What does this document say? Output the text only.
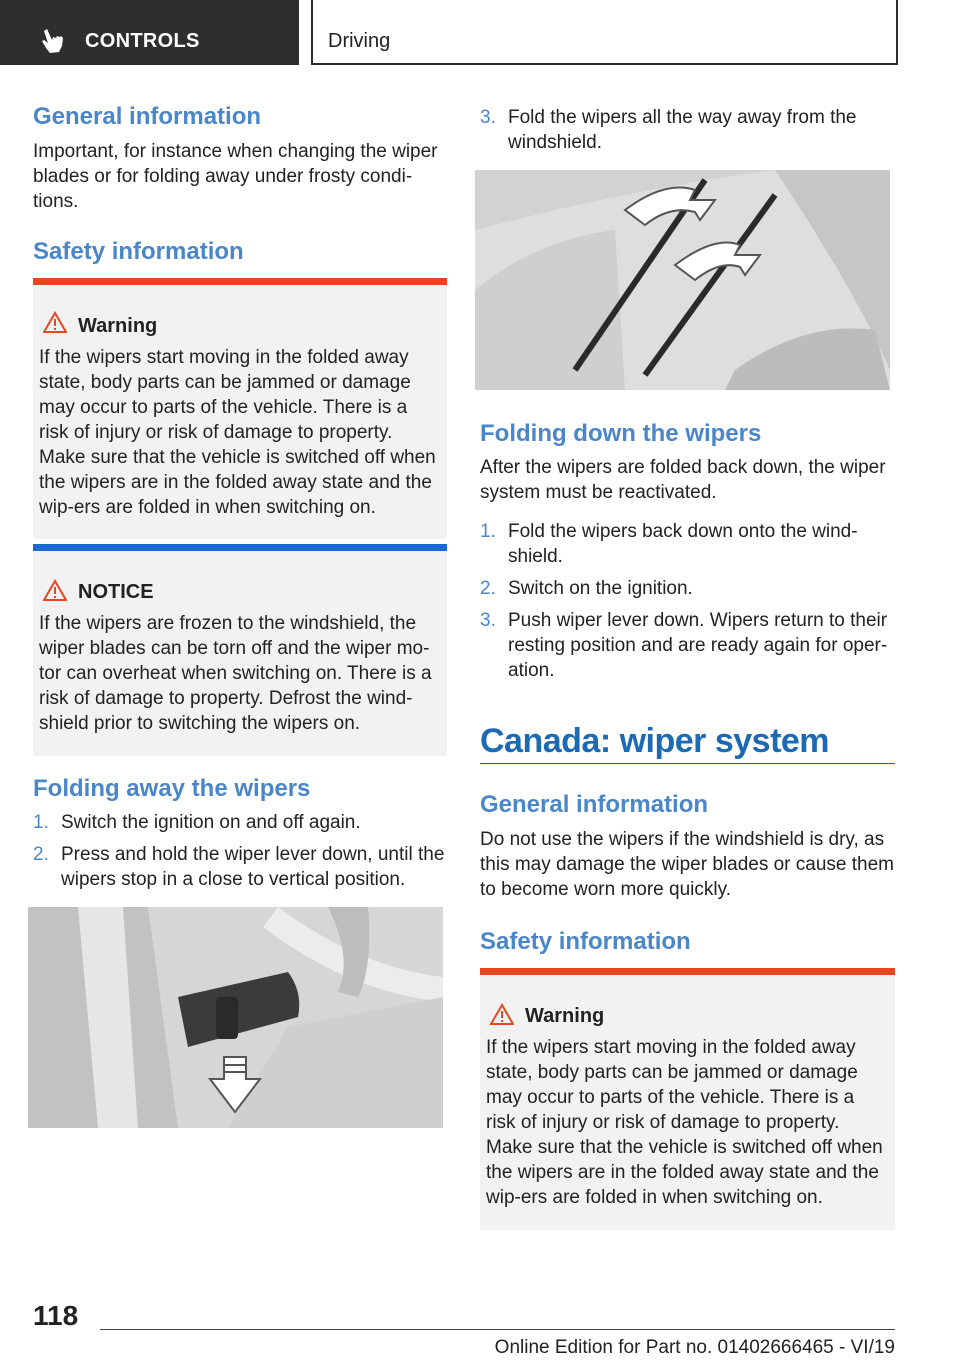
CONTROLS	Driving
General information
Important, for instance when changing the wiper blades or for folding away under frosty condi‐tions.
Safety information
Warning
If the wipers start moving in the folded away state, body parts can be jammed or damage may occur to parts of the vehicle. There is a risk of injury or risk of damage to property. Make sure that the vehicle is switched off when the wipers are in the folded away state and the wip‐ers are folded in when switching on.
NOTICE
If the wipers are frozen to the windshield, the wiper blades can be torn off and the wiper mo‐tor can overheat when switching on. There is a risk of damage to property. Defrost the wind‐shield prior to switching the wipers on.
Folding away the wipers
1. Switch the ignition on and off again.
2. Press and hold the wiper lever down, until the wipers stop in a close to vertical position.
3. Fold the wipers all the way away from the windshield.
Folding down the wipers
After the wipers are folded back down, the wiper system must be reactivated.
1. Fold the wipers back down onto the wind‐shield.
2. Switch on the ignition.
3. Push wiper lever down. Wipers return to their resting position and are ready again for oper‐ation.
Canada: wiper system
General information
Do not use the wipers if the windshield is dry, as this may damage the wiper blades or cause them to become worn more quickly.
Safety information
Warning
If the wipers start moving in the folded away state, body parts can be jammed or damage may occur to parts of the vehicle. There is a risk of injury or risk of damage to property. Make sure that the vehicle is switched off when the wipers are in the folded away state and the wip‐ers are folded in when switching on.
118
Online Edition for Part no. 01402666465 - VI/19
